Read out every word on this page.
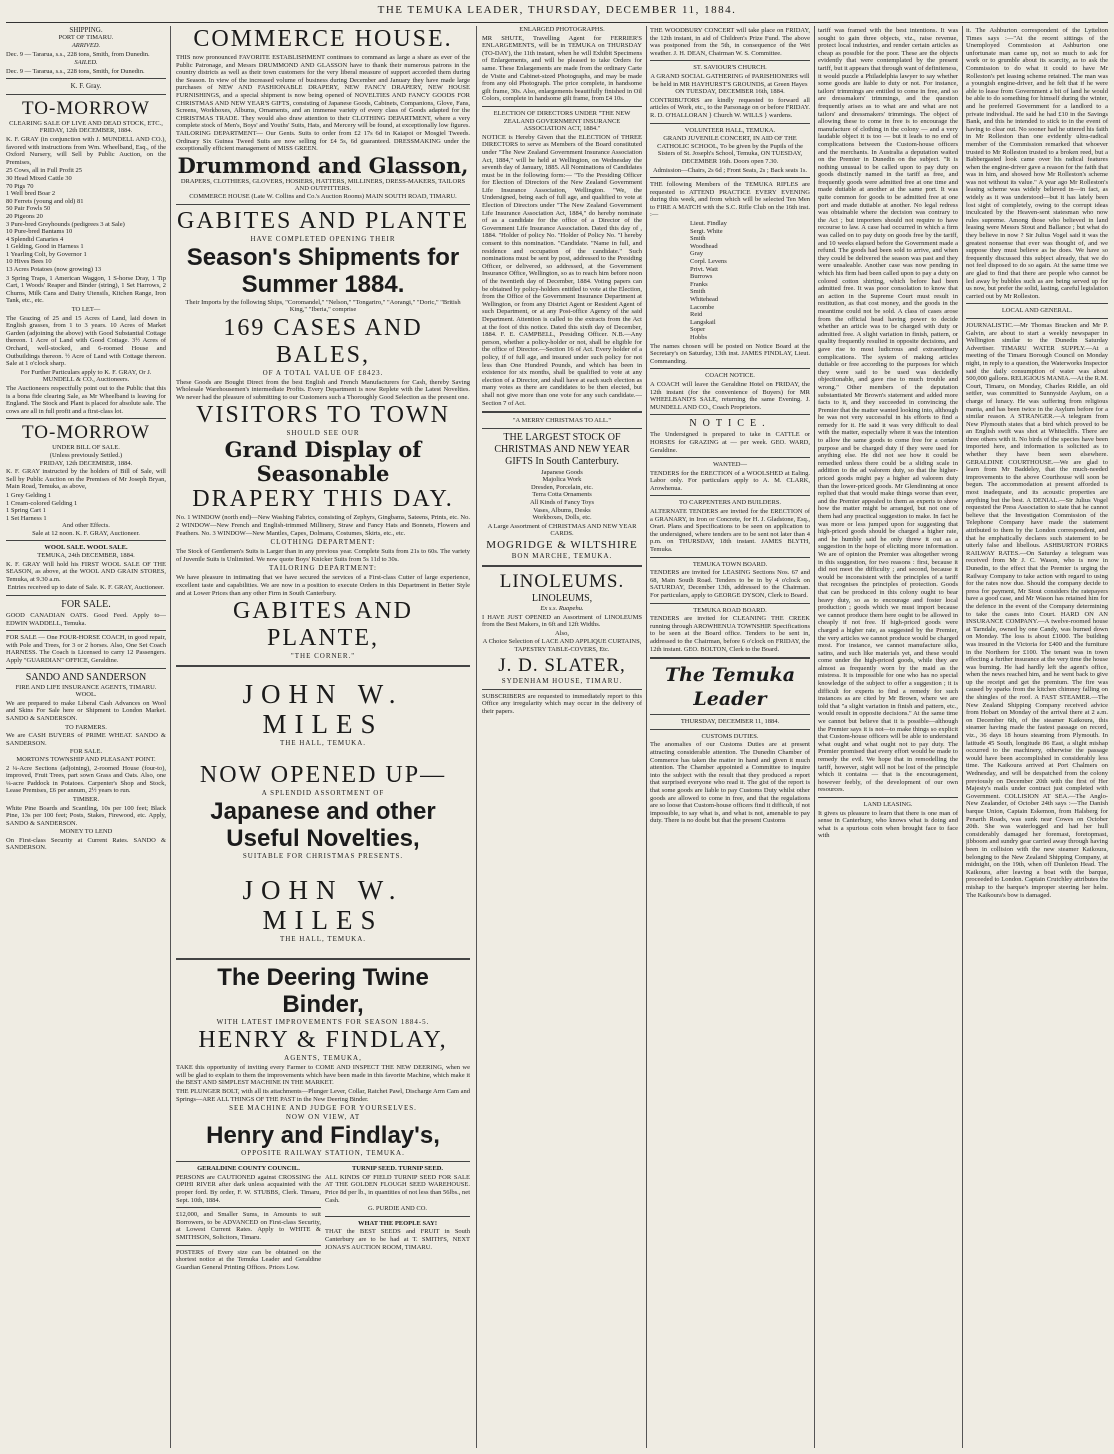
THE TEMUKA LEADER, THURSDAY, DECEMBER 11, 1884.
SHIPPING.
PORT OF TIMARU.
ARRIVED.

Dec. 9 — Tararua, s.s., 228 tons, Smith, from Dunedin.

SAILED.

Dec. 9 — Tararua, s.s., 228 tons, Smith, for Dunedin.

K. F. Gray.
TO-MORROW
CLEARING SALE OF LIVE AND DEAD STOCK, ETC.,
FRIDAY, 12th DECEMBER, 1884.

K. F. GRAY (in conjunction with J. MUNDELL AND CO.), favored with instructions from Wm. Wheelband, Esq., of the Oxford Nursery, will Sell by Public Auction, on the Premises,

25 Cows, all in Full Profit 25
30 Head Mixed Cattle 30
70 Pigs 70
1 Well bred Boar 2
80 Ferrets (young and old) 81
50 Pair Fowls 50
20 Pigeons 20
3 Pure-bred Greyhounds (pedigrees 3 at Sale)
10 Pure-bred Bantams 10
4 Splendid Canaries 4
1 Gelding, Good in Harness 1
1 Yearling Colt, by Governor 1
10 Hives Bees 10
13 Acres Potatoes (now growing) 13

3 Spring Traps, 1 American Waggon, 1 S-horse Dray, 1 Tip Cart, 1 Woods' Reaper and Binder (string), 1 Set Harrows, 2 Churns, Milk Cans and Dairy Utensils, Kitchen Range, Iron Tank, etc., etc.

TO LET—

The Grazing of 25 and 15 Acres of Land, laid down in English grasses, from 1 to 3 years. 10 Acres of Market Garden (adjoining the above) with Good Substantial Cottage thereon. 1 Acre of Land with Good Cottage. 3½ Acres of Orchard, well-stocked, and 6-roomed House and Outbuildings thereon. ½ Acre of Land with Cottage thereon. Sale at 1 o'clock sharp.

For Further Particulars apply to K. F. GRAY, Or J. MUNDELL & CO., Auctioneers.

The Auctioneers respectfully point out to the Public that this is a bona fide clearing Sale, as Mr Wheelband is leaving for England. The Stock and Plant is placed for absolute sale. The cows are all in full profit and a first-class lot.

TO-MORROW
UNDER BILL OF SALE.
(Unless previously Settled.)
FRIDAY, 12th DECEMBER, 1884.

K. F. GRAY instructed by the holders of Bill of Sale, will Sell by Public Auction on the Premises of Mr Joseph Bryan, Main Road, Temuka, as above,

1 Grey Gelding 1
1 Cream-colored Gelding 1
1 Spring Cart 1
1 Set Harness 1
And other Effects.
Sale at 12 noon. K. F. GRAY, Auctioneer.
WOOL SALE. WOOL SALE.
TEMUKA, 24th DECEMBER, 1884.

K. F. GRAY Will hold his FIRST WOOL SALE OF THE SEASON, as above, at the WOOL AND GRAIN STORES, Temuka, at 9.30 a.m.

Entries received up to date of Sale. K. F. GRAY, Auctioneer.

FOR SALE.

GOOD CANADIAN OATS. Good Feed. Apply to— EDWIN WADDELL, Temuka.

FOR SALE — One FOUR-HORSE COACH, in good repair, with Pole and Trees, for 3 or 2 horses. Also, One Set Coach HARNESS. The Coach is Licensed to carry 12 Passengers. Apply "GUARDIAN" OFFICE, Geraldine.

SANDO AND SANDERSON
FIRE AND LIFE INSURANCE AGENTS, TIMARU.
WOOL.

We are prepared to make Liberal Cash Advances on Wool and Skins For Sale here or Shipment to London Market. SANDO & SANDERSON.

TO FARMERS.

We are CASH BUYERS of PRIME WHEAT. SANDO & SANDERSON.

FOR SALE.
MORTON'S TOWNSHIP AND PLEASANT POINT.

2 ¼-Acre Sections (adjoining), 2-roomed House (four-to), improved, Fruit Trees, part sown Grass and Oats. Also, one ¼-acre Paddock in Potatoes. Carpenter's Shop and Stock, Lease Premises, £6 per annum, 2½ years to run.

TIMBER.

White Pine Boards and Scantling, 10s per 100 feet; Black Pine, 13s per 100 feet; Posts, Stakes, Firewood, etc. Apply, SANDO & SANDERSON.

MONEY TO LEND

On First-class Security at Current Rates. SANDO & SANDERSON.

COMMERCE HOUSE.

THIS now pronounced FAVORITE ESTABLISHMENT continues to command as large a share as ever of the Public Patronage, and Messrs DRUMMOND AND GLASSON have to thank their numerous patrons in the country districts as well as their town customers for the very liberal measure of support accorded them during the Season. In view of the increased volume of business during December and January they have made large purchases of NEW AND FASHIONABLE DRAPERY, NEW FANCY DRAPERY, NEW HOUSE FURNISHINGS, and a special shipment is now being opened of NOVELTIES AND FANCY GOODS FOR CHRISTMAS AND NEW YEAR'S GIFTS, consisting of Japanese Goods, Cabinets, Companions, Glove, Fans, Screens, Workboxes, Albums, Ornaments, and an immense variety of every class of Goods adapted for the CHRISTMAS TRADE. They would also draw attention to their CLOTHING DEPARTMENT, where a very complete stock of Men's, Boys' and Youths' Suits, Hats, and Mercery will be found, at exceptionally low figures. TAILORING DEPARTMENT— Our Gents. Suits to order from £2 17s 6d in Kaiapoi or Mosgiel Tweeds. Ordinary Six Guinea Tweed Suits are now selling for £4 5s, 6d guaranteed. DRESSMAKING under the exceptionally efficient management of MISS GREEN.

Drummond and Glasson,
DRAPERS, CLOTHIERS, GLOVERS, HOSIERS, HATTERS, MILLINERS, DRESS-MAKERS, TAILORS AND OUTFITTERS.
COMMERCE HOUSE (Late W. Collins and Co.'s Auction Rooms) MAIN SOUTH ROAD, TIMARU.
GABITES AND PLANTE
HAVE COMPLETED OPENING THEIR
Season's Shipments for Summer 1884.

Their Imports by the following Ships, "Coromandel," "Nelson," "Tongariro," "Aorangi," "Doric," "British King," "Iberia," comprise

169 CASES AND BALES,
OF A TOTAL VALUE OF £8423.

These Goods are Bought Direct from the best English and French Manufacturers for Cash, thereby Saving Wholesale Warehousemen's intermediate Profits. Every Department is now Replete with the Latest Novelties. We never had the pleasure of submitting to our Customers such a Thoroughly Good Selection as the present one.

VISITORS TO TOWN
SHOULD SEE OUR
Grand Display of Seasonable
DRAPERY THIS DAY.

No. 1 WINDOW (north end)—New Washing Fabrics, consisting of Zephyrs, Gingbams, Sateens, Prints, etc. No. 2 WINDOW—New French and English-trimmed Millinery, Straw and Fancy Hats and Bonnets, Flowers and Feathers. No. 3 WINDOW—New Mantles, Capes, Dolmans, Costumes, Skirts, etc., etc.

CLOTHING DEPARTMENT:

The Stock of Gentlemen's Suits is Larger than in any previous year. Complete Suits from 21s to 60s. The variety of Juvenile Suits is Unlimited. We now quote Boys' Knicker Suits from 5s 11d to 30s.

TAILORING DEPARTMENT:

We have pleasure in intimating that we have secured the services of a First-class Cutter of large experience, excellent taste and capabilities. We are now in a position to execute Orders in this Department in Better Style and at Lower Prices than any other Firm in South Canterbury.

GABITES AND PLANTE,
"THE CORNER."
JOHN W. MILES
THE HALL, TEMUKA.
NOW OPENED UP—
A SPLENDID ASSORTMENT OF
Japanese and other Useful Novelties,
SUITABLE FOR CHRISTMAS PRESENTS.
JOHN W. MILES
THE HALL, TEMUKA.
The Deering Twine Binder,
WITH LATEST IMPROVEMENTS FOR SEASON 1884-5.
HENRY & FINDLAY,
AGENTS, TEMUKA,

TAKE this opportunity of inviting every Farmer to COME AND INSPECT THE NEW DEERING, when we will be glad to explain to them the improvements which have been made in this favorite Machine, which make it the BEST AND SIMPLEST MACHINE IN THE MARKET.

THE PLUNGER BOLT, with all its attachments—Plunger Lever, Collar, Ratchet Pawl, Discharge Arm Cam and Springs—ARE ALL THINGS OF THE PAST in the New Deering Binder.

SEE MACHINE AND JUDGE FOR YOURSELVES.
NOW ON VIEW, AT
Henry and Findlay's,
OPPOSITE RAILWAY STATION, TEMUKA.
GERALDINE COUNTY COUNCIL.

PERSONS are CAUTIONED against CROSSING the OPIHI RIVER after dark unless acquainted with the proper ford. By order, F. W. STUBBS, Clerk. Timaru, Sept. 10th, 1884.

£12,000, and Smaller Sums, in Amounts to suit Borrowers, to be ADVANCED on First-class Security, at Lowest Current Rates. Apply to WHITE & SMITHSON, Solicitors, Timaru.

POSTERS of Every size can be obtained on the shortest notice at the Temuka Leader and Geraldine Guardian General Printing Offices. Prices Low.

TURNIP SEED. TURNIP SEED.

ALL KINDS OF FIELD TURNIP SEED FOR SALE AT THE GOLDEN FLOUGH SEED WAREHOUSE. Price 8d per lb., in quantities of not less than 56lbs., net Cash.

G. PURDIE AND CO.
WHAT THE PEOPLE SAY!

THAT the BEST SEEDS and FRUIT in South Canterbury are to be had at T. SMITH'S, NEXT JONAS'S AUCTION ROOM, TIMARU.

ENLARGED PHOTOGRAPHS.

MR SHUTE, Travelling Agent for FERRIER'S ENLARGEMENTS, will be in TEMUKA on THURSDAY (TO-DAY), the 11th instant, when he will Exhibit Specimens of Enlargements, and will be pleased to take Orders for same. These Enlargements are made from the ordinary Carte de Visite and Cabinet-sized Photographs, and may be made from any old Photograph. The price complete, in handsome gilt frame, 30s. Also, enlargements beautifully finished in Oil Colors, complete in handsome gilt frame, from £4 10s.

ELECTION OF DIRECTORS UNDER "THE NEW ZEALAND GOVERNMENT INSURANCE ASSOCIATION ACT, 1884."

NOTICE is Hereby Given that the ELECTION of THREE DIRECTORS to serve as Members of the Board constituted under "The New Zealand Government Insurance Association Act, 1884," will be held at Wellington, on Wednesday the seventh day of January, 1885. All Nominations of Candidates must be in the following form:— "To the Presiding Officer for Election of Directors of the New Zealand Government Life Insurance Association, Wellington. "We, the Undersigned, being each of full age, and qualified to vote at Election of Directors under "The New Zealand Government Life Insurance Association Act, 1884," do hereby nominate of as a candidate for the office of a Director of the Government Life Insurance Association. Dated this day of , 1884. "Holder of policy No. "Holder of Policy No. "I hereby consent to this nomination. "Candidate. "Name in full, and residence and occupation of the candidate." Such nominations must be sent by post, addressed to the Presiding Officer, or delivered, so addressed, at the Government Insurance Office, Wellington, so as to reach him before noon of the twentieth day of December, 1884. Voting papers can be obtained by policy-holders entitled to vote at the Election, from the Office of the Government Insurance Department at Wellington, or from any District Agent or Resident Agent of such Department, or at any Post-office Agency of the said Department. Attention is called to the extracts from the Act at the foot of this notice. Dated this sixth day of December, 1884. F. E. CAMPBELL, Presiding Officer. N.B.—Any person, whether a policy-holder or not, shall be eligible for the office of Director.—Section 16 of Act. Every holder of a policy, if of full age, and insured under such policy for not less than One Hundred Pounds, and which has been in existence for six months, shall be qualified to vote at any election of a Director, and shall have at each such election as many votes as there are candidates to be then elected, but shall not give more than one vote for any such candidate.—Section 7 of Act.

"A MERRY CHRISTMAS TO ALL."

THE LARGEST STOCK OF CHRISTMAS AND NEW YEAR GIFTS In South Canterbury.

Japanese Goods
Majolica Work
Dresden, Porcelain, etc.
Terra Cotta Ornaments
All Kinds of Fancy Toys
Vases, Albums, Desks
Workboxes, Dolls, etc.

A Large Assortment of CHRISTMAS AND NEW YEAR CARDS.

MOGRIDGE & WILTSHIRE
BON MARCHE, TEMUKA.
LINOLEUMS.
LINOLEUMS,
Ex s.s. Ruapehu.

I HAVE JUST OPENED an Assortment of LINOLEUMS from the Best Makers, in 6ft and 12ft Widths.

Also,

A Choice Selection of LACE AND APPLIQUE CURTAINS, TAPESTRY TABLE-COVERS, Etc.

J. D. SLATER,
SYDENHAM HOUSE, TIMARU.

SUBSCRIBERS are requested to immediately report to this Office any irregularity which may occur in the delivery of their papers.

THE WOODBURY CONCERT will take place on FRIDAY, the 12th instant, in aid of Children's Prize Fund. The above was postponed from the 5th, in consequence of the Wet weather. J. H. DEAN, Chairman W. S. Committee.

ST. SAVIOUR'S CHURCH.

A GRAND SOCIAL GATHERING of PARISHIONERS will be held in MR HAYHURST'S GROUNDS, at Green Hayes ON TUESDAY, DECEMBER 16th, 1884.

CONTRIBUTORS are kindly requested to forward all articles of Work, etc., to the Parsonage on or before FRIDAY. R. D. O'HALLORAN } Church W. WILLS } wardens.

VOLUNTEER HALL, TEMUKA.

GRAND JUVENILE CONCERT, IN AID OF THE CATHOLIC SCHOOL, To be given by the Pupils of the Sisters of St. Joseph's School, Temuka, ON TUESDAY, DECEMBER 16th. Doors open 7.30.

Admission—Chairs, 2s 6d ; Front Seats, 2s ; Back seats 1s.

THE following Members of the TEMUKA RIFLES are requested to ATTEND PRACTICE EVERY EVENING during this week, and from which will be selected Ten Men to FIRE A MATCH with the S.C. Rifle Club on the 16th inst. :—

Lieut. Findlay
Sergt. White
Smith
Woodhead
Gray
Corpl. Levens
Privt. Watt
Burrows
Franks
Smith
Whitehead
Lacombe
Reid
Langskail
Soper
Hobbs

The names chosen will be posted on Notice Board at the Secretary's on Saturday, 13th inst. JAMES FINDLAY, Lieut. Commanding.

COACH NOTICE.

A COACH will leave the Geraldine Hotel on FRIDAY, the 12th instant (for the convenience of Buyers) for MR WHEELBAND'S SALE, returning the same Evening. J. MUNDELL AND CO., Coach Proprietors.

NOTICE.

The Undersigned is prepared to take in CATTLE or HORSES for GRAZING at — per week. GEO. WARD, Geraldine.

WANTED—

TENDERS for the ERECTION of a WOOLSHED at Ealing. Labor only. For particulars apply to A. M. CLARK, Arowhenua.

TO CARPENTERS AND BUILDERS.

ALTERNATE TENDERS are invited for the ERECTION of a GRANARY, in Iron or Concrete, for H. J. Gladstone, Esq., Orari. Plans and Specifications to be seen on application to the undersigned, where tenders are to be sent not later than 4 p.m. on THURSDAY, 18th instant. JAMES BLYTH, Temuka.

TEMUKA TOWN BOARD.

TENDERS are invited for LEASING Sections Nos. 67 and 68, Main South Road. Tenders to be in by 4 o'clock on SATURDAY, December 13th, addressed to the Chairman. For particulars, apply to GEORGE DYSON, Clerk to Board.

TEMUKA ROAD BOARD.

TENDERS are invited for CLEANING THE CREEK running through AROWHENUA TOWNSHIP. Specifications to be seen at the Board office. Tenders to be sent in, addressed to the Chairman, before 6 o'clock on FRIDAY, the 12th instant. GEO. BOLTON, Clerk to the Board.

The Temuka Leader
THURSDAY, DECEMBER 11, 1884.
CUSTOMS DUTIES.

The anomalies of our Customs Duties are at present attracting considerable attention. The Dunedin Chamber of Commerce has taken the matter in hand and given it much attention. The Chamber appointed a Committee to inquire into the subject with the result that they produced a report that surprised everyone who read it. The gist of the report is that some goods are liable to pay Customs Duty whilst other goods are allowed to come in free, and that the regulations are so loose that Custom-house officers find it difficult, if not impossible, to say what is, and what is not, amenable to pay duty. There is no doubt but that the present Customs

tariff was framed with the best intentions. It was sought to gain three objects, viz., raise revenue, protect local industries, and render certain articles as cheap as possible for the poor. These are the objects evidently that were contemplated by the present tariff, but it appears that through want of definiteness, it would puzzle a Philadelphia lawyer to say whether some goods are liable to duty or not. For instance, tailors' trimmings are entitled to come in free, and so are dressmakers' trimmings, and the question frequently arises as to what are and what are not tailors' and dressmakers' trimmings. The object of allowing these to come in free is to encourage the manufacture of clothing in the colony — and a very laudable object it is too — but it leads to no end of complications between the Custom-house officers and the merchants. In Australia a deputation waited on the Premier in Dunedin on the subject. "It is nothing unusual to be called upon to pay duty on goods distinctly named in the tariff as free, and frequently goods were admitted free at one time and made dutiable at another at the same port. It was quite common for goods to be admitted free at one port and made dutiable at another. No legal redress was obtainable where the decision was contrary to the Act ; but importers should not require to have recourse to law. A case had occurred in which a firm was called on to pay duty on goods free by the tariff, and 10 weeks elapsed before the Government made a refund. The goods had been sold to arrive, and when they could be delivered the season was past and they were unsaleable. Another case was now pending in which his firm had been called upon to pay a duty on colored cotton shirting, which before had been admitted free. It was poor consolation to know that an action in the Supreme Court must result in restitution, as that cost money, and the goods in the meantime could not be sold. A class of cases arose from the official head having power to decide whether an article was to be charged with duty or admitted free. A slight variation in finish, pattern, or quality frequently resulted in opposite decisions, and gave rise to most ludicrous and extraordinary complications. The system of making articles dutiable or free according to the purposes for which they were said to be used was decidedly objectionable, and gave rise to much trouble and wrong." Other members of the deputation substantiated Mr Brown's statement and added more facts to it, and they succeeded in convincing the Premier that the matter wanted looking into, although he was not very successful in his efforts to find a remedy for it. He said it was very difficult to deal with the matter, especially where it was the intention to allow the same goods to come free for a certain purpose and be charged duty if they were used for anything else. He did not see how it could be remedied unless there could be a sliding scale in addition to the ad valorem duty, so that the higher-priced goods might pay a higher ad valorem duty than the lower-priced goods. Mr Glendinning at once replied that that would make things worse than ever, and the Premier appealed to them as experts to show how the matter might be arranged, but not one of them had any practical suggestion to make. In fact he was more or less jumped upon for suggesting that high-priced goods should be charged a higher rate, and he humbly said he only threw it out as a suggestion in the hope of eliciting more information. We are of opinion the Premier was altogether wrong in this suggestion, for two reasons : first, because it did not meet the difficulty ; and second, because it would be inconsistent with the principles of a tariff that recognises the principles of protection. Goods that can be produced in this colony ought to bear heavy duty, so as to encourage and foster local production ; goods which we must import because we cannot produce them here ought to be allowed in cheaply if not free. If high-priced goods were charged a higher rate, as suggested by the Premier, the very articles we cannot produce would be charged most. For instance, we cannot manufacture silks, satins, and such like materials yet, and these would come under the high-priced goods, while they are almost as frequently worn by the maid as the mistress. It is impossible for one who has no special knowledge of the subject to offer a suggestion ; it is difficult for experts to find a remedy for such instances as are cited by Mr Brown, where we are told that "a slight variation in finish and pattern, etc., would result in opposite decisions." At the same time we cannot but believe that it is possible—although the Premier says it is not—to make things so explicit that Custom-house officers will be able to understand what ought and what ought not to pay duty. The Premier promised that every effort would be made to remedy the evil. We hope that in remodelling the tariff, however, sight will not be lost of the principle which it contains — that is the encouragement, however feebly, of the development of our own resources.

LAND LEASING.

It gives us pleasure to learn that there is one man of sense in Canterbury, who knows what is doing and what is a spurious coin when brought face to face with

it. The Ashburton correspondent of the Lyttelton Times says :—"At the recent sittings of the Unemployed Commission at Ashburton one unfortunate man came up, not so much to ask for work or to grumble about its scarcity, as to ask the Commission to do what it could to have Mr Rolleston's pet leasing scheme retained. The man was a youngish engine-driver, and he felt that if he were able to lease from Government a bit of land he would be able to do something for himself during the winter, and he preferred Government for a landlord to a private individual. He said he had £10 in the Savings Bank, and this he intended to stick to in the event of having to clear out. No sooner had he uttered his faith in Mr Rolleston than one evidently ultra-radical member of the Commission remarked that whoever trusted to Mr Rolleston trusted to a broken reed, but a Babbergasted look came over his radical features when the engine-driver gave a reason for the faith that was in him, and showed how Mr Rolleston's scheme was not without its value." A year ago Mr Rolleston's leasing scheme was widely believed in—in fact, as widely as it was understood—but it has lately been lost sight of completely, owing to the corrupt ideas inculcated by the Heaven-sent statesman who now rules supreme. Among those who believed in land leasing were Messrs Stout and Ballance ; but what do they believe in now ? Sir Julius Vogel said it was the greatest nonsense that ever was thought of, and we suppose they must believe as he does. We have so frequently discussed this subject already, that we do not feel disposed to do so again. At the same time we are glad to find that there are people who cannot be led away by bubbles such as are being served up for us now, but prefer the solid, lasting, careful legislation carried out by Mr Rolleston.

LOCAL AND GENERAL.

JOURNALISTIC.—Mr Thomas Bracken and Mr P. Galvin, are about to start a weekly newspaper in Wellington similar to the Dunedin Saturday Advertiser. TIMARU WATER SUPPLY.—At a meeting of the Timaru Borough Council on Monday night, in reply to a question, the Waterworks Inspector said the daily consumption of water was about 500,000 gallons. RELIGIOUS MANIA.—At the R.M. Court, Timaru, on Monday, Charles Riddle, an old settler, was committed to Sunnyside Asylum, on a charge of lunacy. He was suffering from religious mania, and has been twice in the Asylum before for a similar reason. A STRANGER.—A telegram from New Plymouth states that a bird which proved to be an English swift was shot at Whitecliffs. There are three others with it. No birds of the species have been imported here, and information is solicited as to whether they have been seen elsewhere. GERALDINE COURTHOUSE.—We are glad to learn from Mr Baddeley, that the much-needed improvements to the above Courthouse will soon be begun. The accommodation at present afforded is most inadequate, and its acoustic properties are anything but the best. A DENIAL.—Sir Julius Vogel requested the Press Association to state that he cannot believe that the Investigation Commission of the Telephone Company have made the statement attributed to them by the London correspondent, and that he emphatically declares such statement to be utterly false and libellous. ASHBURTON FORKS RAILWAY RATES.—On Saturday a telegram was received from Mr J. C. Wason, who is now in Dunedin, to the effect that the Premier is urging the Railway Company to take action with regard to using for the rates now due. Should the company decide to press for payment, Mr Stout considers the ratepayers have a good case, and Mr Wason has retained him for the defence in the event of the Company determining to take the cases into Court. HARD ON AN INSURANCE COMPANY.—A twelve-roomed house at Tarndale, owned by one Candy, was burned down on Monday. The loss is about £1000. The building was insured in the Victoria for £400 and the furniture in the Northern for £100. The tenant was in town effecting a further insurance at the very time the house was burning. He had hardly left the agent's office, when the news reached him, and he went back to give up the receipt and get the premium. The fire was caused by sparks from the kitchen chimney falling on the shingles of the roof. A FAST STEAMER.—The New Zealand Shipping Company received advice from Hobart on Monday of the arrival there at 2 a.m. on December 6th, of the steamer Kaikoura, this steamer having made the fastest passage on record, viz., 36 days 18 hours steaming from Plymouth. In latitude 45 South, longitude 86 East, a slight mishap occurred to the machinery, otherwise the passage would have been accomplished in considerably less time. The Kaikoura arrived at Port Chalmers on Wednesday, and will be despatched from the colony previously on December 20th with the first of Her Majesty's mails under contract just completed with Government. COLLISION AT SEA.—The Anglo-New Zealander, of October 24th says :—The Danish barque Union, Captain Eskemon, from Halsberg for Penarth Roads, was sunk near Cowes on October 20th. She was waterlogged and had her hull considerably damaged her foremast, foretopmast, jibboom and sundry gear carried away through having been in collision with the new steamer Kaikoura, belonging to the New Zealand Shipping Company, at midnight, on the 19th, when off Dunleton Head. The Kaikoura, after leaving a boat with the barque, proceeded to London. Captain Crutchley attributes the mishap to the barque's improper steering her helm. The Kaikoura's bow is damaged.
